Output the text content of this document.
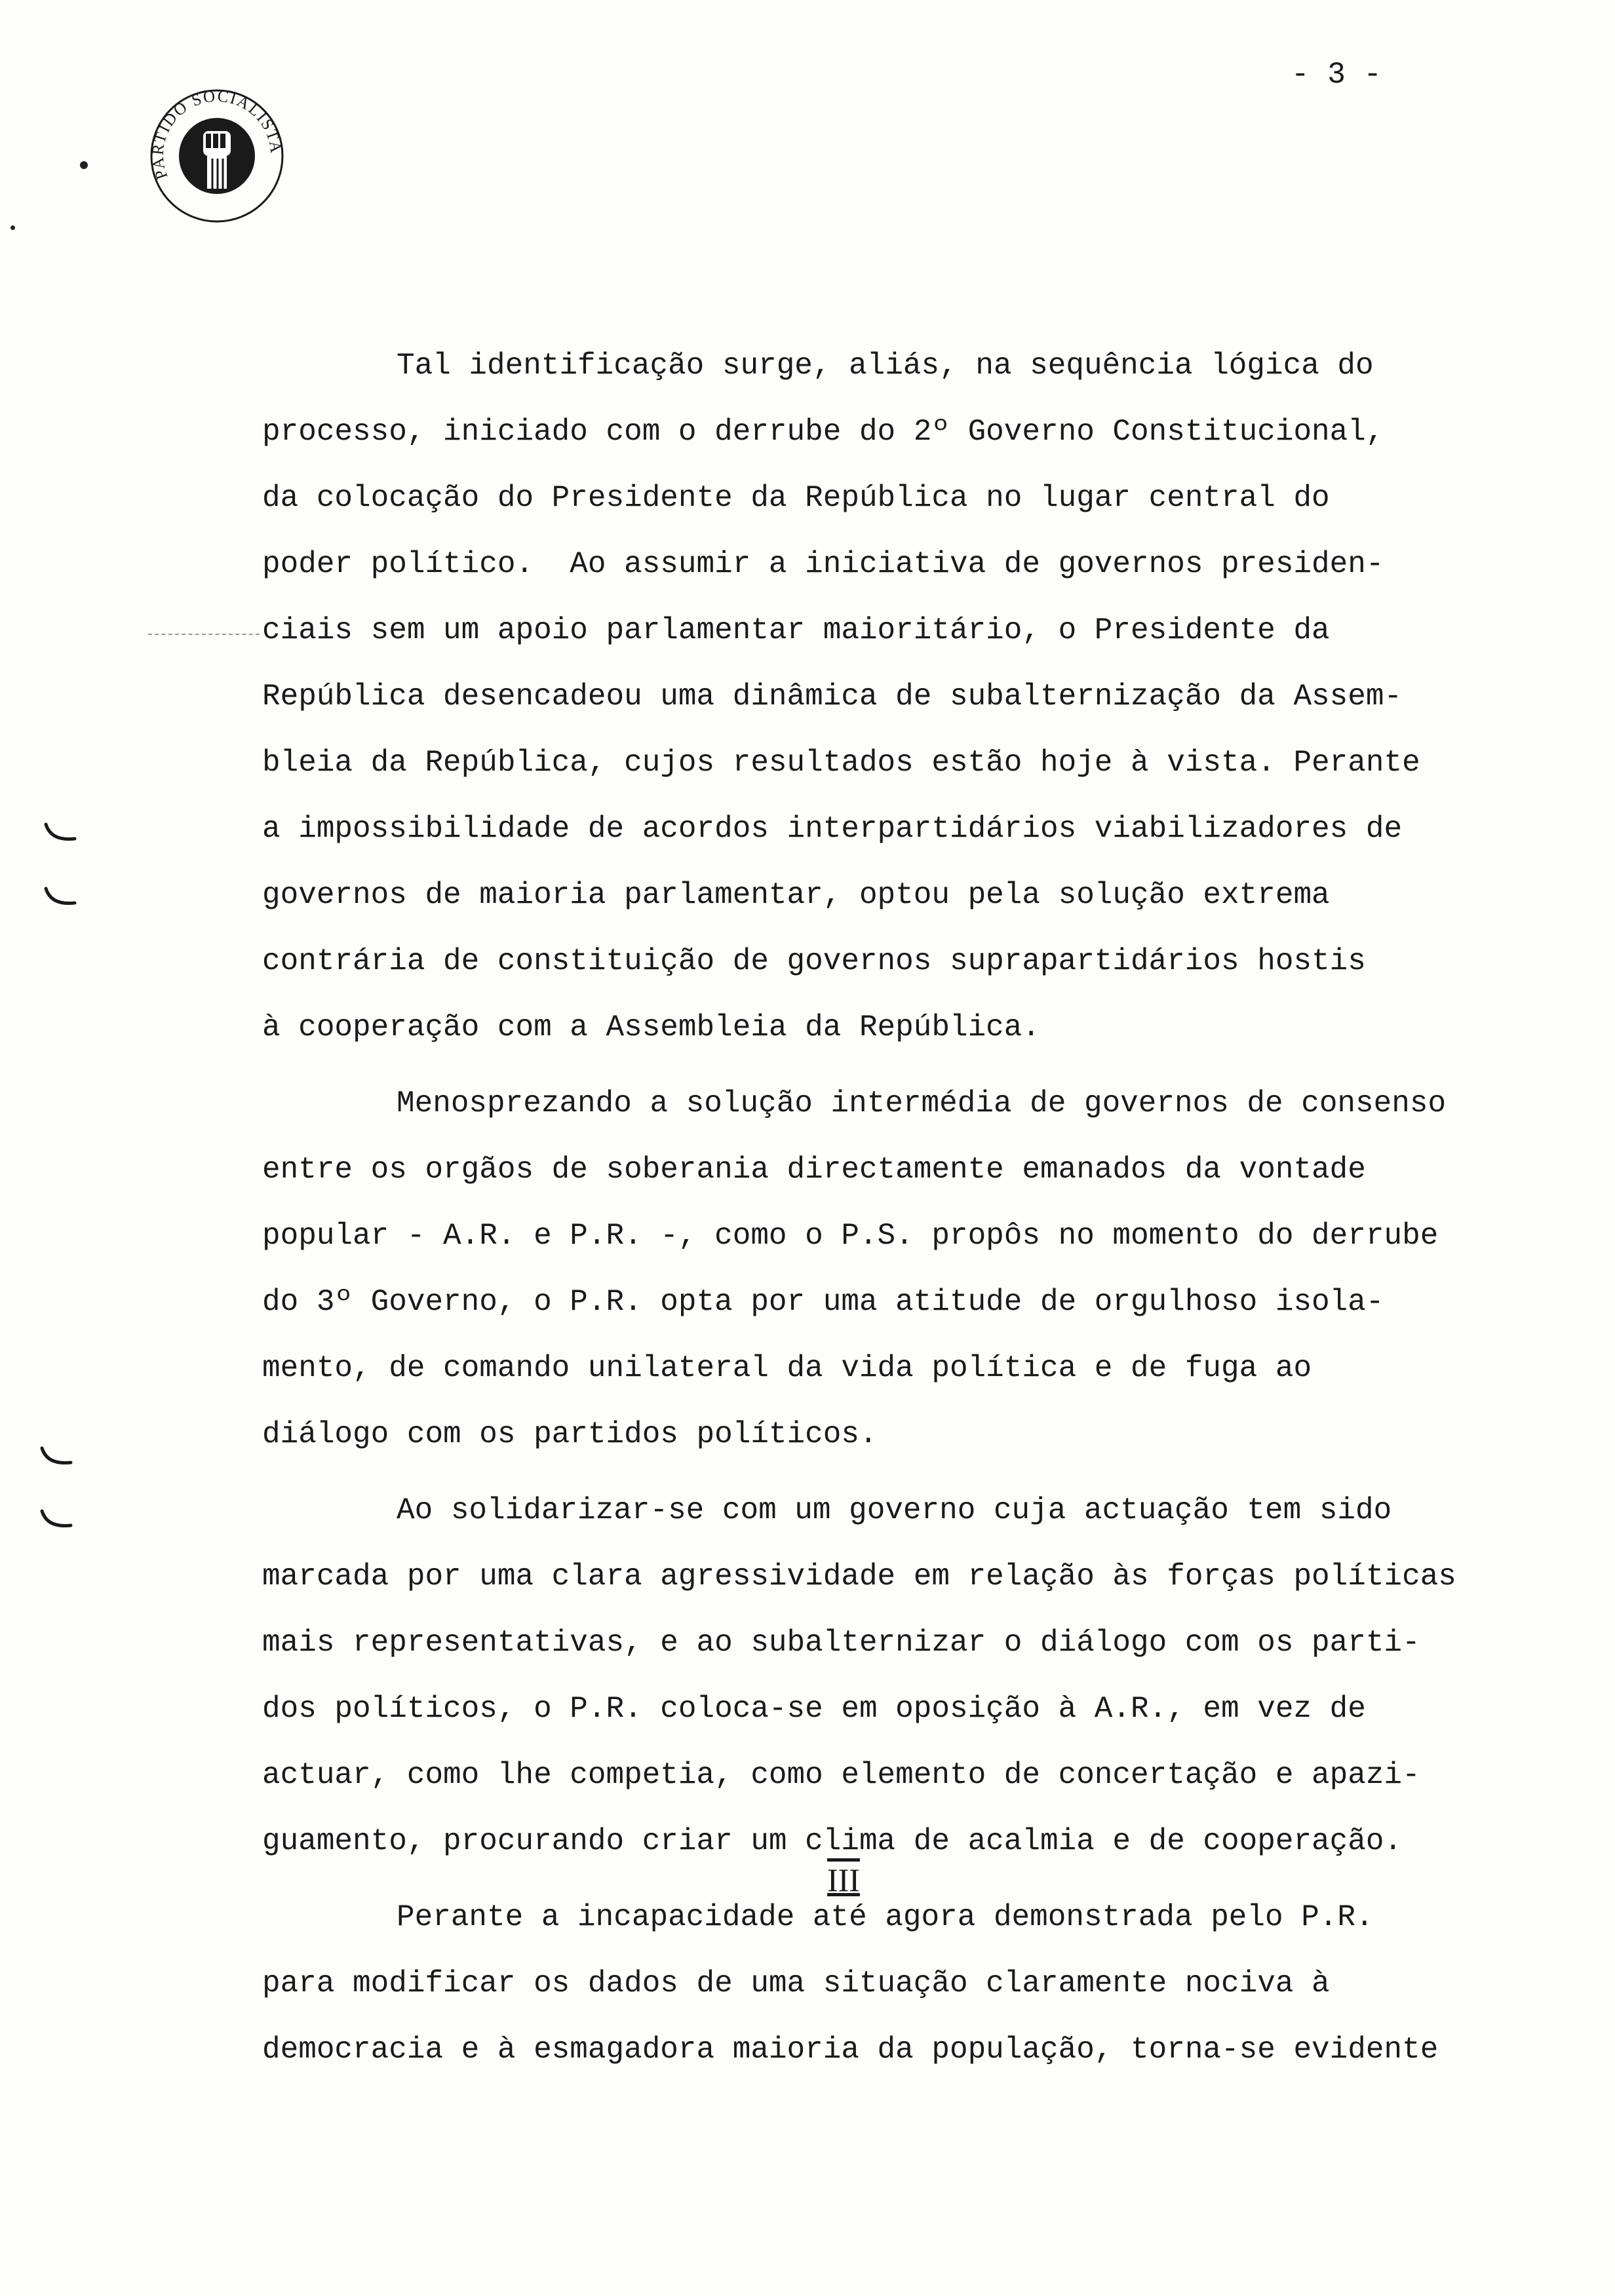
PARTIDO SOCIALISTA
- 3 -
Tal identificação surge, aliás, na sequência lógica do
processo, iniciado com o derrube do 2º Governo Constitucional,
da colocação do Presidente da República no lugar central do
poder político.  Ao assumir a iniciativa de governos presiden-
ciais sem um apoio parlamentar maioritário, o Presidente da
República desencadeou uma dinâmica de subalternização da Assem-
bleia da República, cujos resultados estão hoje à vista. Perante
a impossibilidade de acordos interpartidários viabilizadores de
governos de maioria parlamentar, optou pela solução extrema
contrária de constituição de governos suprapartidários hostis
à cooperação com a Assembleia da República.
Menosprezando a solução intermédia de governos de consenso
entre os orgãos de soberania directamente emanados da vontade
popular - A.R. e P.R. -, como o P.S. propôs no momento do derrube
do 3º Governo, o P.R. opta por uma atitude de orgulhoso isola-
mento, de comando unilateral da vida política e de fuga ao
diálogo com os partidos políticos.
Ao solidarizar-se com um governo cuja actuação tem sido
marcada por uma clara agressividade em relação às forças políticas
mais representativas, e ao subalternizar o diálogo com os parti-
dos políticos, o P.R. coloca-se em oposição à A.R., em vez de
actuar, como lhe competia, como elemento de concertação e apazi-
guamento, procurando criar um clima de acalmia e de cooperação.
Perante a incapacidade até agora demonstrada pelo P.R.
para modificar os dados de uma situação claramente nociva à
democracia e à esmagadora maioria da população, torna-se evidente
III
